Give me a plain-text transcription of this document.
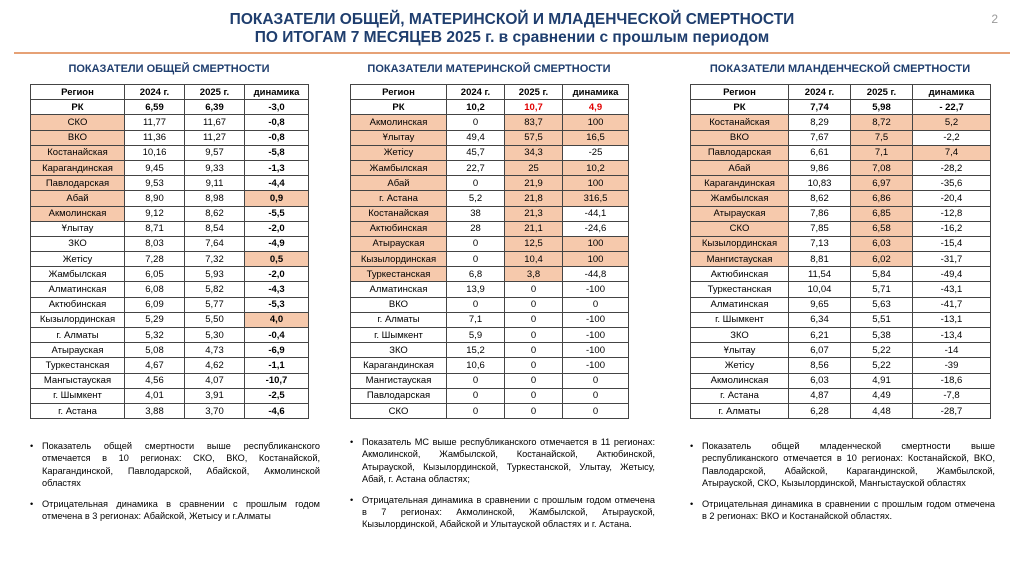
ПОКАЗАТЕЛИ ОБЩЕЙ, МАТЕРИНСКОЙ И МЛАДЕНЧЕСКОЙ СМЕРТНОСТИ
ПО ИТОГАМ 7 МЕСЯЦЕВ 2025 г. в сравнении с прошлым периодом
2
ПОКАЗАТЕЛИ ОБЩЕЙ СМЕРТНОСТИ
Регион	2024 г.	2025 г.	динамика
РК	6,59	6,39	-3,0
СКО	11,77	11,67	-0,8
ВКО	11,36	11,27	-0,8
Костанайская	10,16	9,57	-5,8
Карагандинская	9,45	9,33	-1,3
Павлодарская	9,53	9,11	-4,4
Абай	8,90	8,98	0,9
Акмолинская	9,12	8,62	-5,5
Ұлытау	8,71	8,54	-2,0
ЗКО	8,03	7,64	-4,9
Жетісу	7,28	7,32	0,5
Жамбылская	6,05	5,93	-2,0
Алматинская	6,08	5,82	-4,3
Актюбинская	6,09	5,77	-5,3
Кызылординская	5,29	5,50	4,0
г. Алматы	5,32	5,30	-0,4
Атырауская	5,08	4,73	-6,9
Туркестанская	4,67	4,62	-1,1
Мангыстауская	4,56	4,07	-10,7
г. Шымкент	4,01	3,91	-2,5
г. Астана	3,88	3,70	-4,6
ПОКАЗАТЕЛИ МАТЕРИНСКОЙ СМЕРТНОСТИ
Регион	2024 г.	2025 г.	динамика
РК	10,2	10,7	4,9
Акмолинская	0	83,7	100
Ұлытау	49,4	57,5	16,5
Жетісу	45,7	34,3	-25
Жамбылская	22,7	25	10,2
Абай	0	21,9	100
г. Астана	5,2	21,8	316,5
Костанайская	38	21,3	-44,1
Актюбинская	28	21,1	-24,6
Атырауская	0	12,5	100
Кызылординская	0	10,4	100
Туркестанская	6,8	3,8	-44,8
Алматинская	13,9	0	-100
ВКО	0	0	0
г. Алматы	7,1	0	-100
г. Шымкент	5,9	0	-100
ЗКО	15,2	0	-100
Карагандинская	10,6	0	-100
Мангистауская	0	0	0
Павлодарская	0	0	0
СКО	0	0	0
ПОКАЗАТЕЛИ МЛАНДЕНЧЕСКОЙ СМЕРТНОСТИ
Регион	2024 г.	2025 г.	динамика
РК	7,74	5,98	- 22,7
Костанайская	8,29	8,72	5,2
ВКО	7,67	7,5	-2,2
Павлодарская	6,61	7,1	7,4
Абай	9,86	7,08	-28,2
Карагандинская	10,83	6,97	-35,6
Жамбылская	8,62	6,86	-20,4
Атырауская	7,86	6,85	-12,8
СКО	7,85	6,58	-16,2
Кызылординская	7,13	6,03	-15,4
Мангистауская	8,81	6,02	-31,7
Актюбинская	11,54	5,84	-49,4
Туркестанская	10,04	5,71	-43,1
Алматинская	9,65	5,63	-41,7
г. Шымкент	6,34	5,51	-13,1
ЗКО	6,21	5,38	-13,4
Ұлытау	6,07	5,22	-14
Жетісу	8,56	5,22	-39
Акмолинская	6,03	4,91	-18,6
г. Астана	4,87	4,49	-7,8
г. Алматы	6,28	4,48	-28,7
• Показатель общей смертности выше республиканского отмечается в 10 регионах: СКО, ВКО, Костанайской, Карагандинской, Павлодарской, Абайской, Акмолинской областях
• Отрицательная динамика в сравнении с прошлым годом отмечена в 3 регионах: Абайской, Жетысу и г.Алматы
• Показатель МС выше республиканского отмечается в 11 регионах: Акмолинской, Жамбылской, Костанайской, Актюбинской, Атырауской, Кызылординской, Туркестанской, Улытау, Жетысу, Абай, г. Астана областях;
• Отрицательная динамика в сравнении с прошлым годом отмечена в 7 регионах: Акмолинской, Жамбылской, Атырауской, Кызылординской, Абайской и Улытауской областях и г. Астана.
• Показатель общей младенческой смертности выше республиканского отмечается в 10 регионах: Костанайской, ВКО, Павлодарской, Абайской, Карагандинской, Жамбылской, Атырауской, СКО, Кызылординской, Мангыстауской областях
• Отрицательная динамика в сравнении с прошлым годом отмечена в 2 регионах: ВКО и Костанайской областях.
